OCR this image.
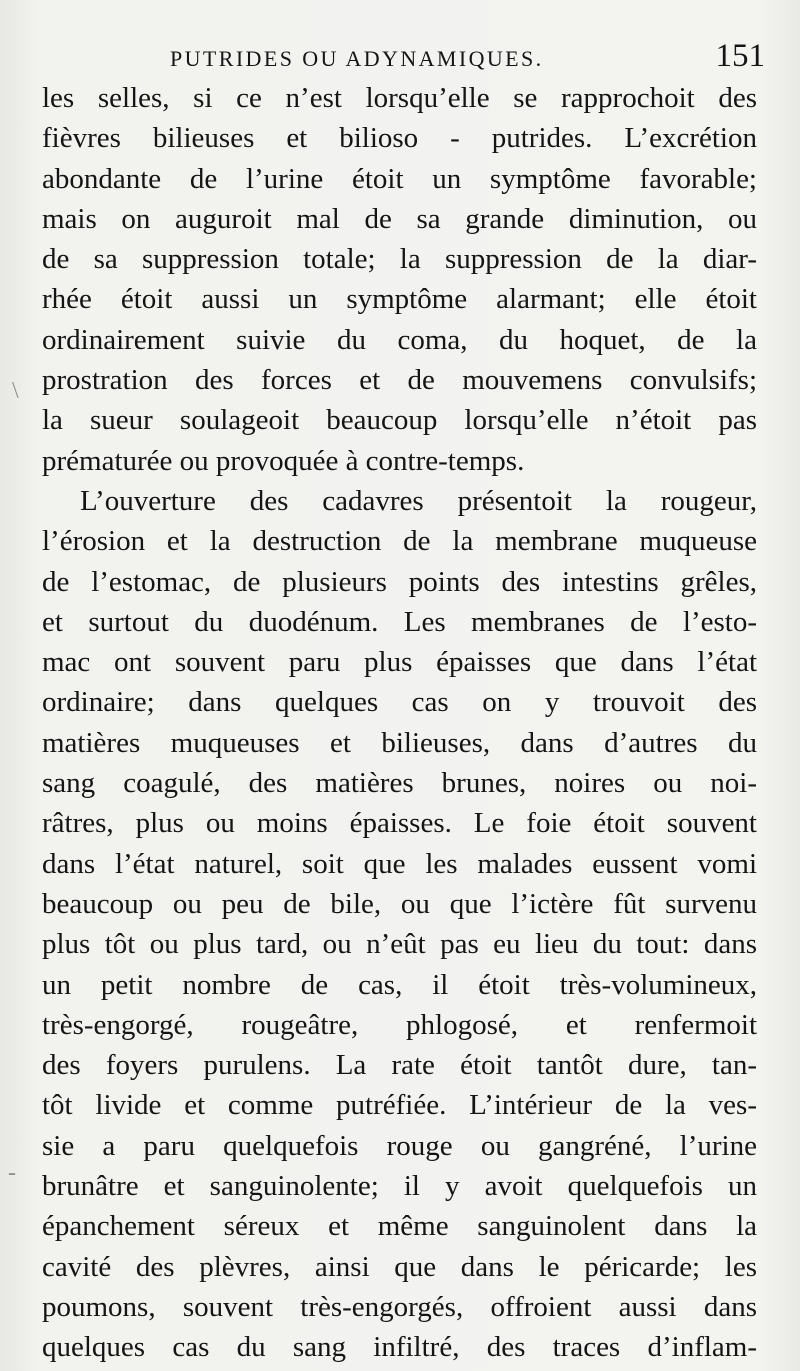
PUTRIDES OU ADYNAMIQUES.	151
les selles, si ce n’est lorsqu’elle se rapprochoit des
fièvres bilieuses et bilioso - putrides. L’excrétion
abondante de l’urine étoit un symptôme favorable;
mais on auguroit mal de sa grande diminution, ou
de sa suppression totale; la suppression de la diar-
rhée étoit aussi un symptôme alarmant; elle étoit
ordinairement suivie du coma, du hoquet, de la
prostration des forces et de mouvemens convulsifs;
la sueur soulageoit beaucoup lorsqu’elle n’étoit pas
prématurée ou provoquée à contre-temps.
L’ouverture des cadavres présentoit la rougeur,
l’érosion et la destruction de la membrane muqueuse
de l’estomac, de plusieurs points des intestins grêles,
et surtout du duodénum. Les membranes de l’esto-
mac ont souvent paru plus épaisses que dans l’état
ordinaire; dans quelques cas on y trouvoit des
matières muqueuses et bilieuses, dans d’autres du
sang coagulé, des matières brunes, noires ou noi-
râtres, plus ou moins épaisses. Le foie étoit souvent
dans l’état naturel, soit que les malades eussent vomi
beaucoup ou peu de bile, ou que l’ictère fût survenu
plus tôt ou plus tard, ou n’eût pas eu lieu du tout: dans
un petit nombre de cas, il étoit très-volumineux,
très-engorgé, rougeâtre, phlogosé, et renfermoit
des foyers purulens. La rate étoit tantôt dure, tan-
tôt livide et comme putréfiée. L’intérieur de la ves-
sie a paru quelquefois rouge ou gangréné, l’urine
brunâtre et sanguinolente; il y avoit quelquefois un
épanchement séreux et même sanguinolent dans la
cavité des plèvres, ainsi que dans le péricarde; les
poumons, souvent très-engorgés, offroient aussi dans
quelques cas du sang infiltré, des traces d’inflam-
\
-
